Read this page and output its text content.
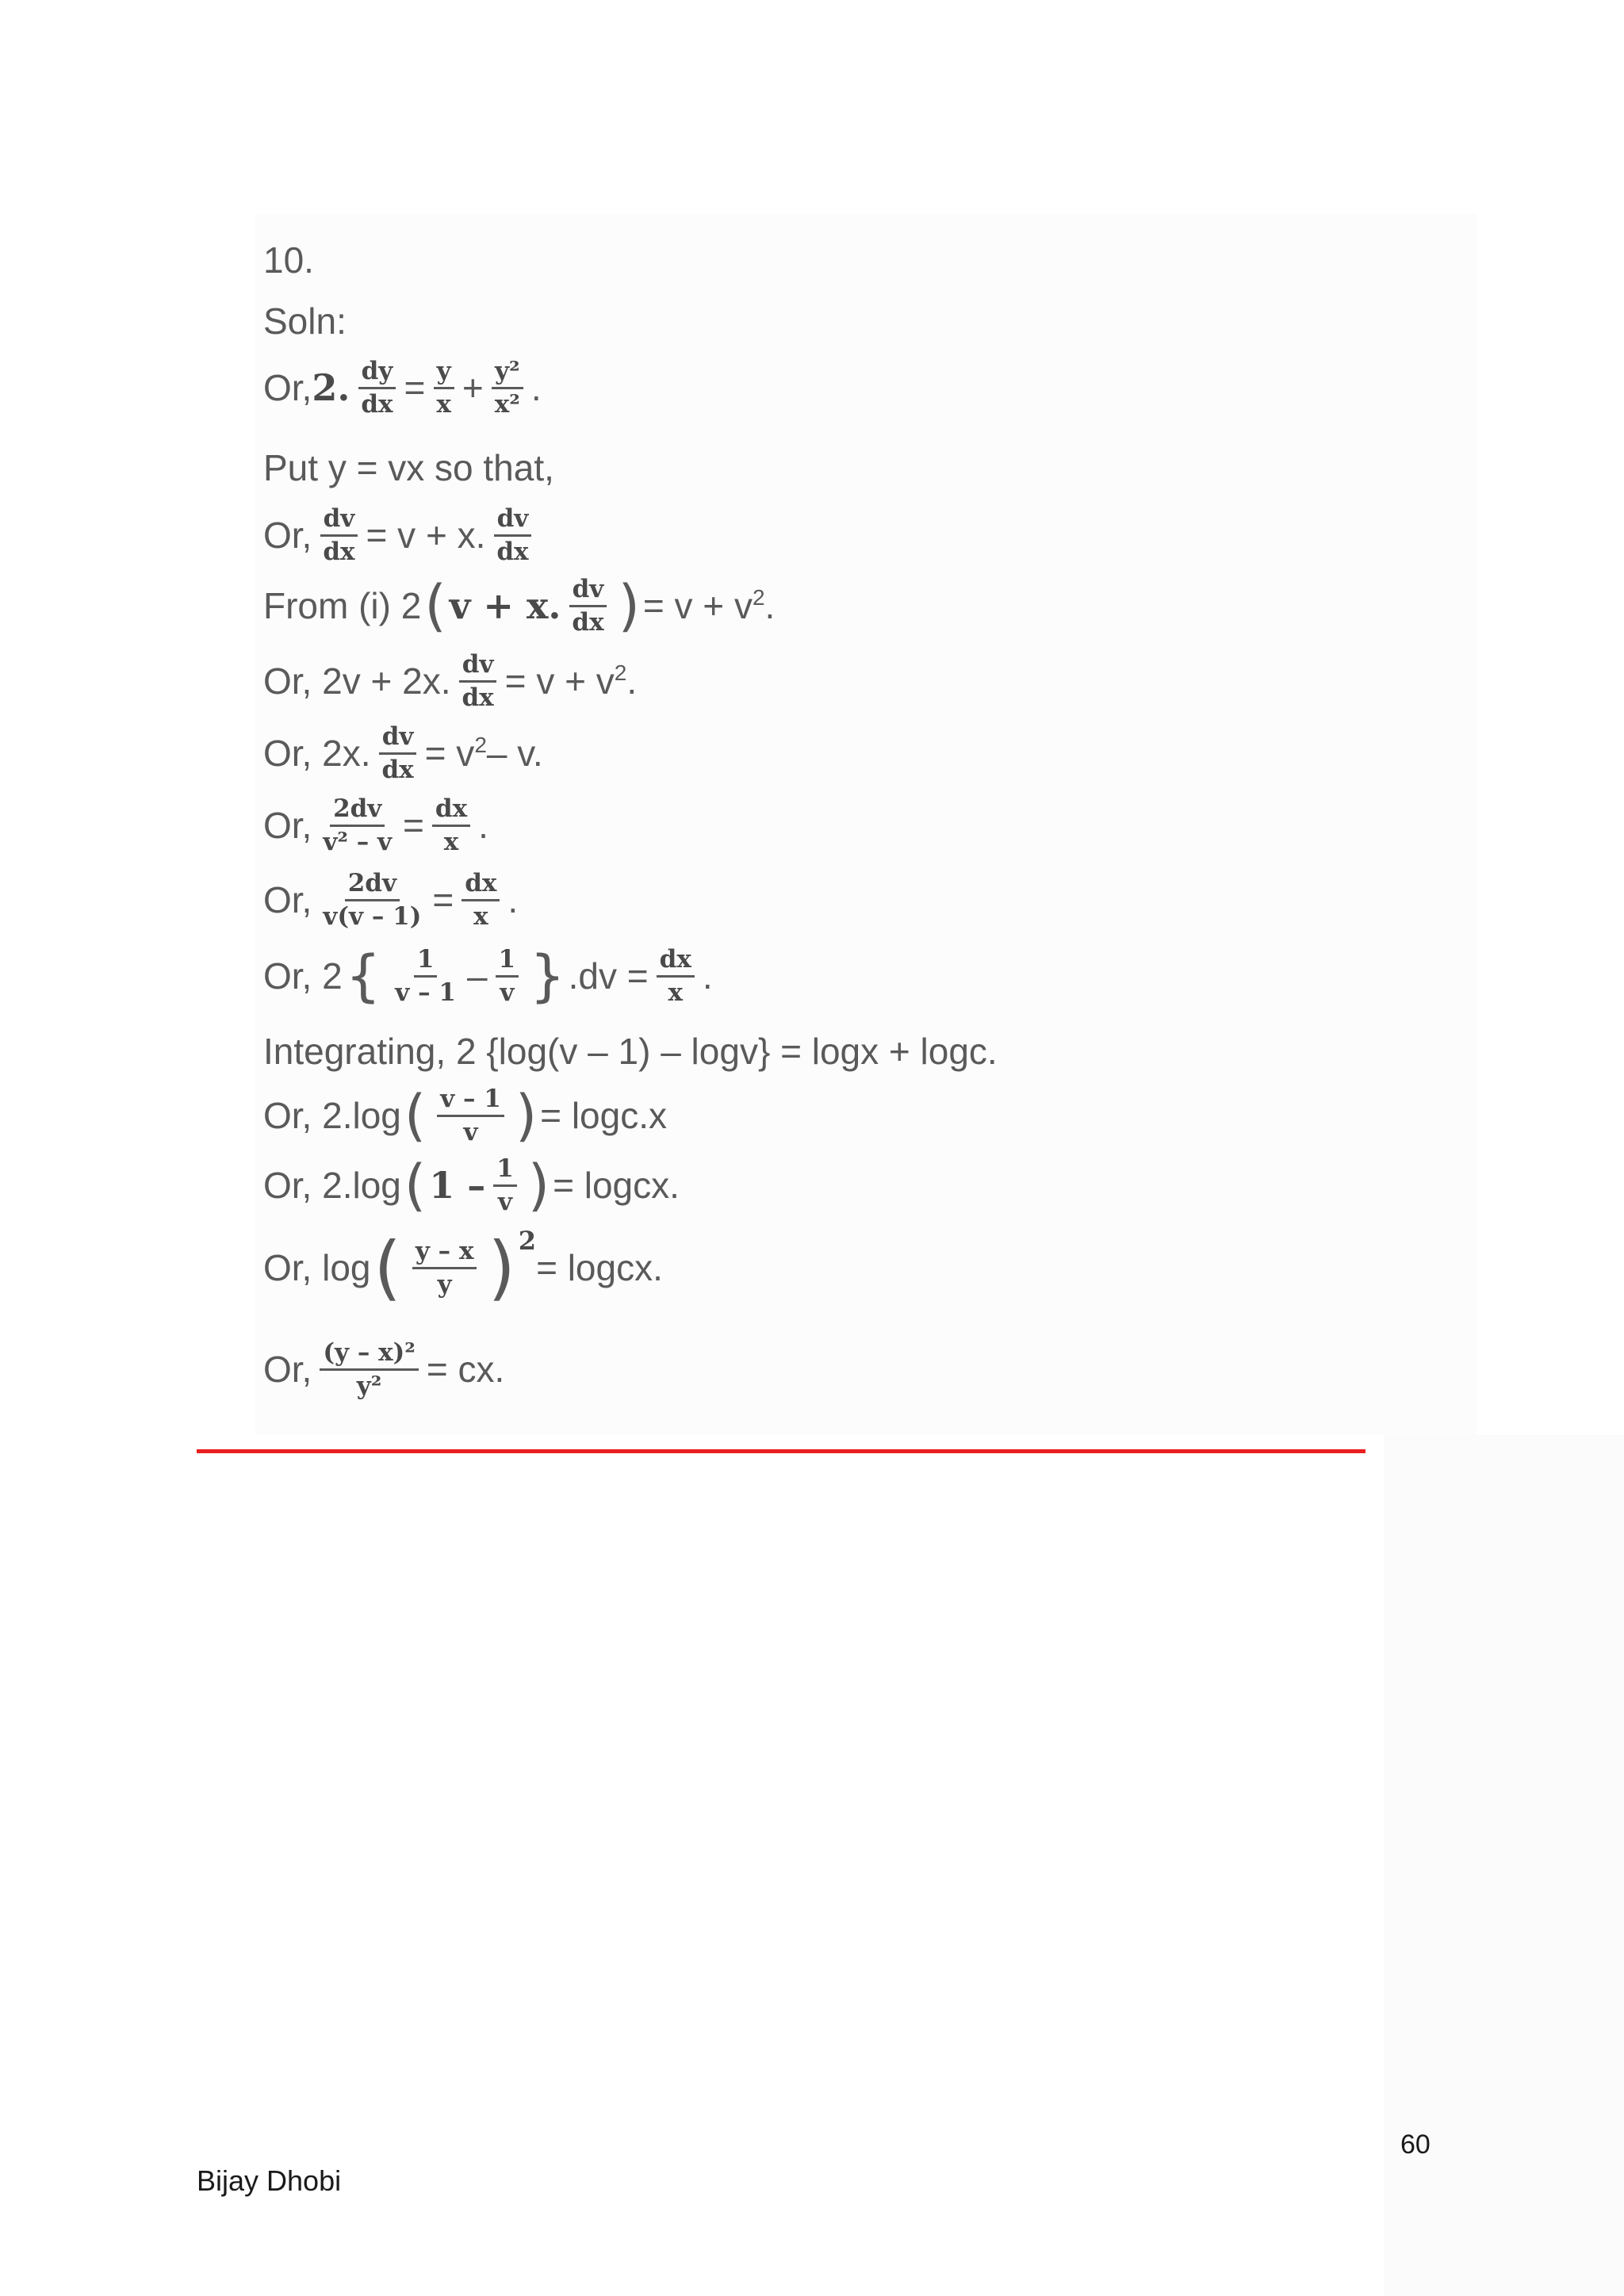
10.
Soln:
Or, 2. $\frac{dy}{dx} = \frac{y}{x} + \frac{\text{y²}}{\text{x²}}$ .
Put y = vx so that,
Or, $\frac{dv}{dx} = v + x$. $\frac{dv}{dx}$
From (i) 2 ( v + x. $\frac{dv}{dx}$ ) = v + v 2 .
Or, 2v + 2x. $\frac{dv}{dx} = v + v$ 2 .
Or, 2x. $\frac{dv}{dx} = v$ 2 – v.
Or, $\frac{2dv}{\text{v² – v}} = \frac{dx}{x}$ .
Or, $\frac{2dv}{v(v - 1)} = \frac{dx}{x}$ .
Or, 2 { $\frac{1}{v - 1} - \frac{1}{v}$ } $.dv = \frac{dx}{x}$ .
Integrating, 2 {log(v – 1) – logv} = logx + logc.
Or, 2.log ( $\frac{v - 1}{v}$ ) = logc.x
Or, 2.log ( $1 - \frac{1}{v}$ ) = logcx.
Or, log ( $\frac{y - x}{y}$ ) 2
= logcx.
Or, $\frac{\text{(y – x)²}}{\text{y²}}$ = cx.
60
Bijay Dhobi
